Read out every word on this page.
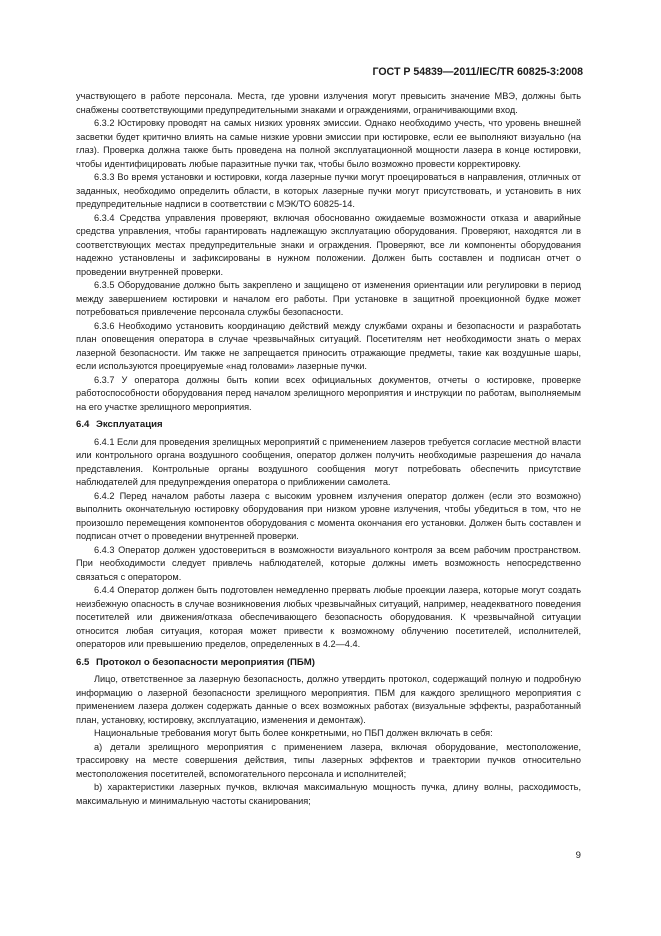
ГОСТ Р 54839—2011/IEC/TR 60825-3:2008

участвующего в работе персонала. Места, где уровни излучения могут превысить значение МВЭ, должны быть снабжены соответствующими предупредительными знаками и ограждениями, ограничивающими вход.

6.3.2 Юстировку проводят на самых низких уровнях эмиссии. Однако необходимо учесть, что уровень внешней засветки будет критично влиять на самые низкие уровни эмиссии при юстировке, если ее выполняют визуально (на глаз). Проверка должна также быть проведена на полной эксплуатационной мощности лазера в конце юстировки, чтобы идентифицировать любые паразитные пучки так, чтобы было возможно провести корректировку.

6.3.3 Во время установки и юстировки, когда лазерные пучки могут проецироваться в направления, отличных от заданных, необходимо определить области, в которых лазерные пучки могут присутствовать, и установить в них предупредительные надписи в соответствии с МЭК/ТО 60825-14.

6.3.4 Средства управления проверяют, включая обоснованно ожидаемые возможности отказа и аварийные средства управления, чтобы гарантировать надлежащую эксплуатацию оборудования. Проверяют, находятся ли в соответствующих местах предупредительные знаки и ограждения. Проверяют, все ли компоненты оборудования надежно установлены и зафиксированы в нужном положении. Должен быть составлен и подписан отчет о проведении внутренней проверки.

6.3.5 Оборудование должно быть закреплено и защищено от изменения ориентации или регулировки в период между завершением юстировки и началом его работы. При установке в защитной проекционной будке может потребоваться привлечение персонала службы безопасности.

6.3.6 Необходимо установить координацию действий между службами охраны и безопасности и разработать план оповещения оператора в случае чрезвычайных ситуаций. Посетителям нет необходимости знать о мерах лазерной безопасности. Им также не запрещается приносить отражающие предметы, такие как воздушные шары, если используются проецируемые «над головами» лазерные пучки.

6.3.7 У оператора должны быть копии всех официальных документов, отчеты о юстировке, проверке работоспособности оборудования перед началом зрелищного мероприятия и инструкции по работам, выполняемым на его участке зрелищного мероприятия.

6.4 Эксплуатация

6.4.1 Если для проведения зрелищных мероприятий с применением лазеров требуется согласие местной власти или контрольного органа воздушного сообщения, оператор должен получить необходимые разрешения до начала представления. Контрольные органы воздушного сообщения могут потребовать обеспечить присутствие наблюдателей для предупреждения оператора о приближении самолета.

6.4.2 Перед началом работы лазера с высоким уровнем излучения оператор должен (если это возможно) выполнить окончательную юстировку оборудования при низком уровне излучения, чтобы убедиться в том, что не произошло перемещения компонентов оборудования с момента окончания его установки. Должен быть составлен и подписан отчет о проведении внутренней проверки.

6.4.3 Оператор должен удостовериться в возможности визуального контроля за всем рабочим пространством. При необходимости следует привлечь наблюдателей, которые должны иметь возможность непосредственно связаться с оператором.

6.4.4 Оператор должен быть подготовлен немедленно прервать любые проекции лазера, которые могут создать неизбежную опасность в случае возникновения любых чрезвычайных ситуаций, например, неадекватного поведения посетителей или движения/отказа обеспечивающего безопасность оборудования. К чрезвычайной ситуации относится любая ситуация, которая может привести к возможному облучению посетителей, исполнителей, операторов или превышению пределов, определенных в 4.2—4.4.

6.5 Протокол о безопасности мероприятия (ПБМ)

Лицо, ответственное за лазерную безопасность, должно утвердить протокол, содержащий полную и подробную информацию о лазерной безопасности зрелищного мероприятия. ПБМ для каждого зрелищного мероприятия с применением лазера должен содержать данные о всех возможных работах (визуальные эффекты, разработанный план, установку, юстировку, эксплуатацию, изменения и демонтаж).

Национальные требования могут быть более конкретными, но ПБП должен включать в себя:

a) детали зрелищного мероприятия с применением лазера, включая оборудование, местоположение, трассировку на месте совершения действия, типы лазерных эффектов и траектории пучков относительно местоположения посетителей, вспомогательного персонала и исполнителей;

b) характеристики лазерных пучков, включая максимальную мощность пучка, длину волны, расходимость, максимальную и минимальную частоты сканирования;

9
